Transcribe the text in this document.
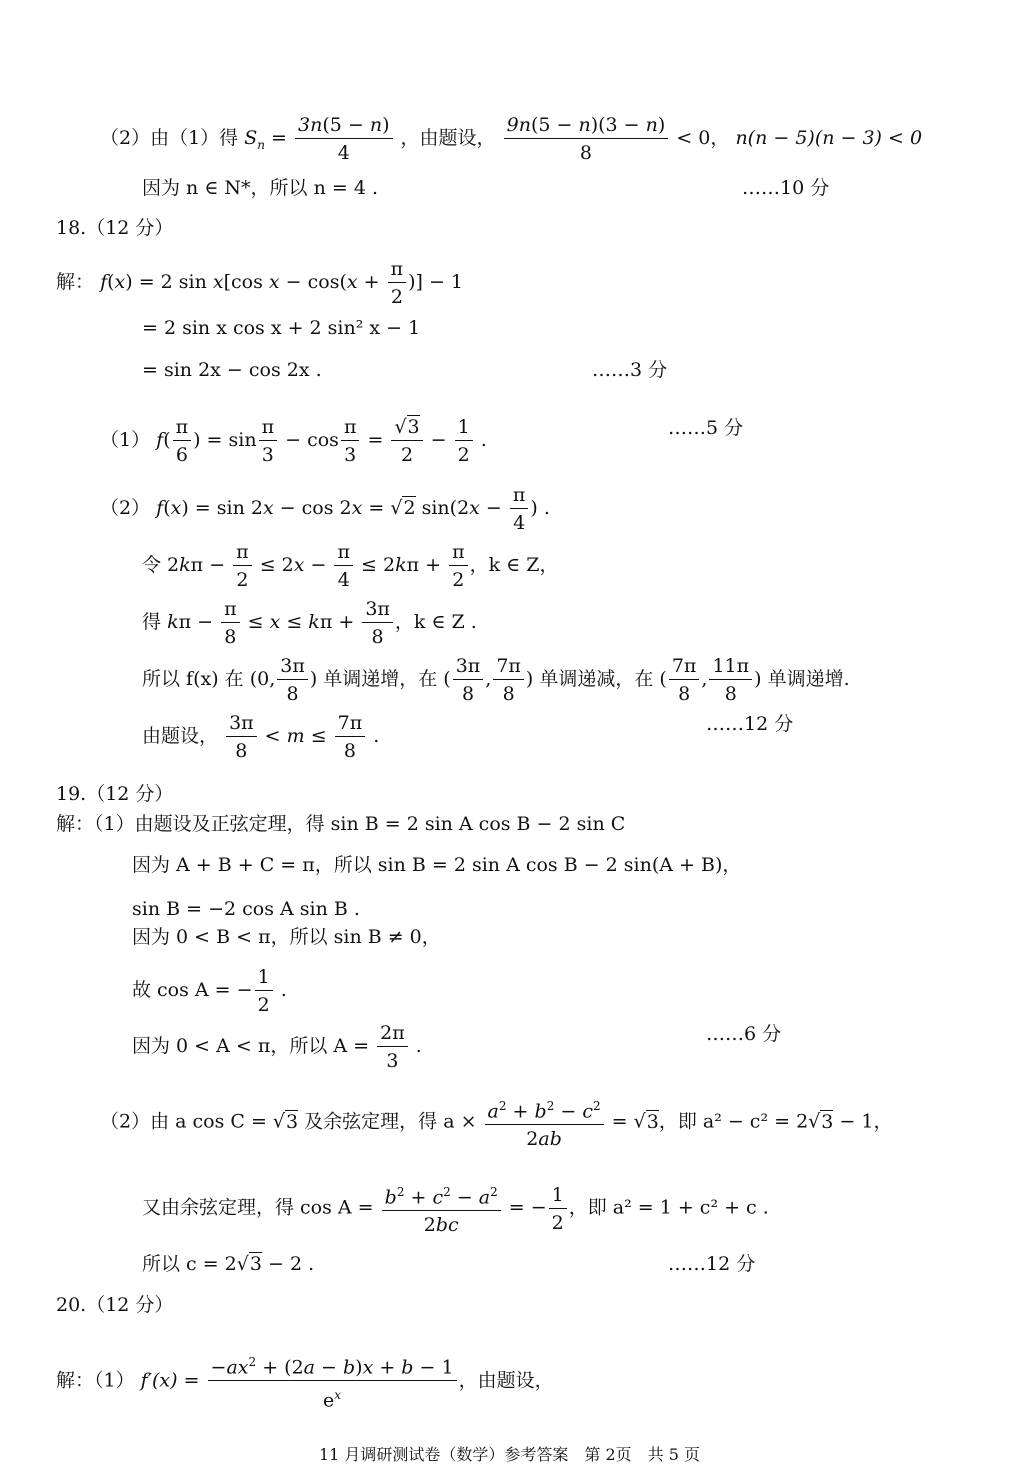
（2）由（1）得 $S_n = \frac{3n(5 - n)}{4}$ ，由题设， $\frac{9n(5 - n)(3 - n)}{8} < 0$， n(n − 5)(n − 3) < 0
因为 n ∈ N*，所以 n = 4 .	……10 分
18.（12 分）
解： f(x) = 2 sin x[cos $x - \cos(x + \frac{\pi}{2}$ )] − 1
= 2 sin x cos x + 2 sin² x − 1
= sin 2x − cos 2x .	……3 分
（1） $f( \frac{\pi}{6}$ ) = $\sin \frac{\pi}{3} - \cos \frac{\pi}{3} = \frac{√3}{2} - \frac{1}{2}$ .
……5 分
（2） f(x) = sin 2x − cos 2x = √2 $\sin(2x - \frac{\pi}{4}$ ) .
令 $2k\pi - \frac{\pi}{2} \le 2x - \frac{\pi}{4} \le 2k\pi + \frac{\pi}{2}$ ，k ∈ Z，
得 $k\pi - \frac{\pi}{8} \le x \le k\pi + \frac{3\pi}{8}$ ，k ∈ Z .
所以 f(x) 在 (0, $\frac{3\pi}{8}$ ) 单调递增，在 ( $\frac{3\pi}{8}$ , $\frac{7\pi}{8}$ ) 单调递减，在 ( $\frac{7\pi}{8}$ , $\frac{11\pi}{8}$ ) 单调递增.
由题设， $\frac{3\pi}{8} < m \le \frac{7\pi}{8}$ .
……12 分
19.（12 分）
解：（1）由题设及正弦定理，得 sin B = 2 sin A cos B − 2 sin C
因为 A + B + C = π，所以 sin B = 2 sin A cos B − 2 sin(A + B)，
sin B = −2 cos A sin B .
因为 0 < B < π，所以 sin B ≠ 0，
故 cos A = − $\frac{1}{2}$ .
因为 0 < A < π，所以 $A = \frac{2\pi}{3}$ .
……6 分
（2）由 a cos C = √3 及余弦定理，得 $a \times \frac{a^2 + b^2 - c^2}{2ab} = √3$，即 a² − c² = 2√3 − 1，
又由余弦定理，得 $\cos A = \frac{b^2 + c^2 - a^2}{2bc}$ = − $\frac{1}{2}$ ，即 a² = 1 + c² + c .
所以 c = 2√3 − 2 .	……12 分
20.（12 分）
解：（1） $f'(x) = \frac{-ax^2 + (2a - b)x + b - 1}{e^x}$ ，由题设，
11 月调研测试卷（数学）参考答案　第 2页　共 5 页
